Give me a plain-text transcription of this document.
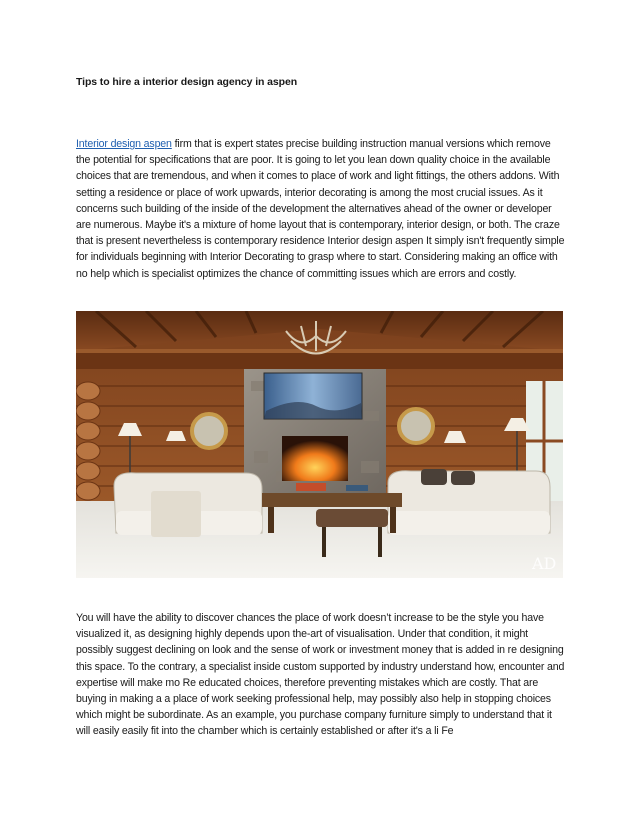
Tips to hire a interior design agency in aspen

Interior design aspen firm that is expert states precise building instruction manual versions which remove the potential for specifications that are poor. It is going to let you lean down quality choice in the available choices that are tremendous, and when it comes to place of work and light fittings, the others addons. With setting a residence or place of work upwards, interior decorating is among the most crucial issues. As it concerns such building of the inside of the development the alternatives ahead of the owner or developer are numerous. Maybe it's a mixture of home layout that is contemporary, interior design, or both. The craze that is present nevertheless is contemporary residence Interior design aspen It simply isn't frequently simple for individuals beginning with Interior Decorating to grasp where to start. Considering making an office with no help which is specialist optimizes the chance of committing issues which are errors and costly.

AD

You will have the ability to discover chances the place of work doesn’t increase to be the style you have visualized it, as designing highly depends upon the-art of visualisation. Under that condition, it might possibly suggest declining on look and the sense of work or investment money that is added in re designing this space. To the contrary, a specialist inside custom supported by industry understand how, encounter and expertise will make mo Re educated choices, therefore preventing mistakes which are costly. That are buying in making a a place of work seeking professional help, may possibly also help in stopping choices which might be subordinate. As an example, you purchase company furniture simply to understand that it will easily easily fit into the chamber which is certainly established or after it's a li Fe
